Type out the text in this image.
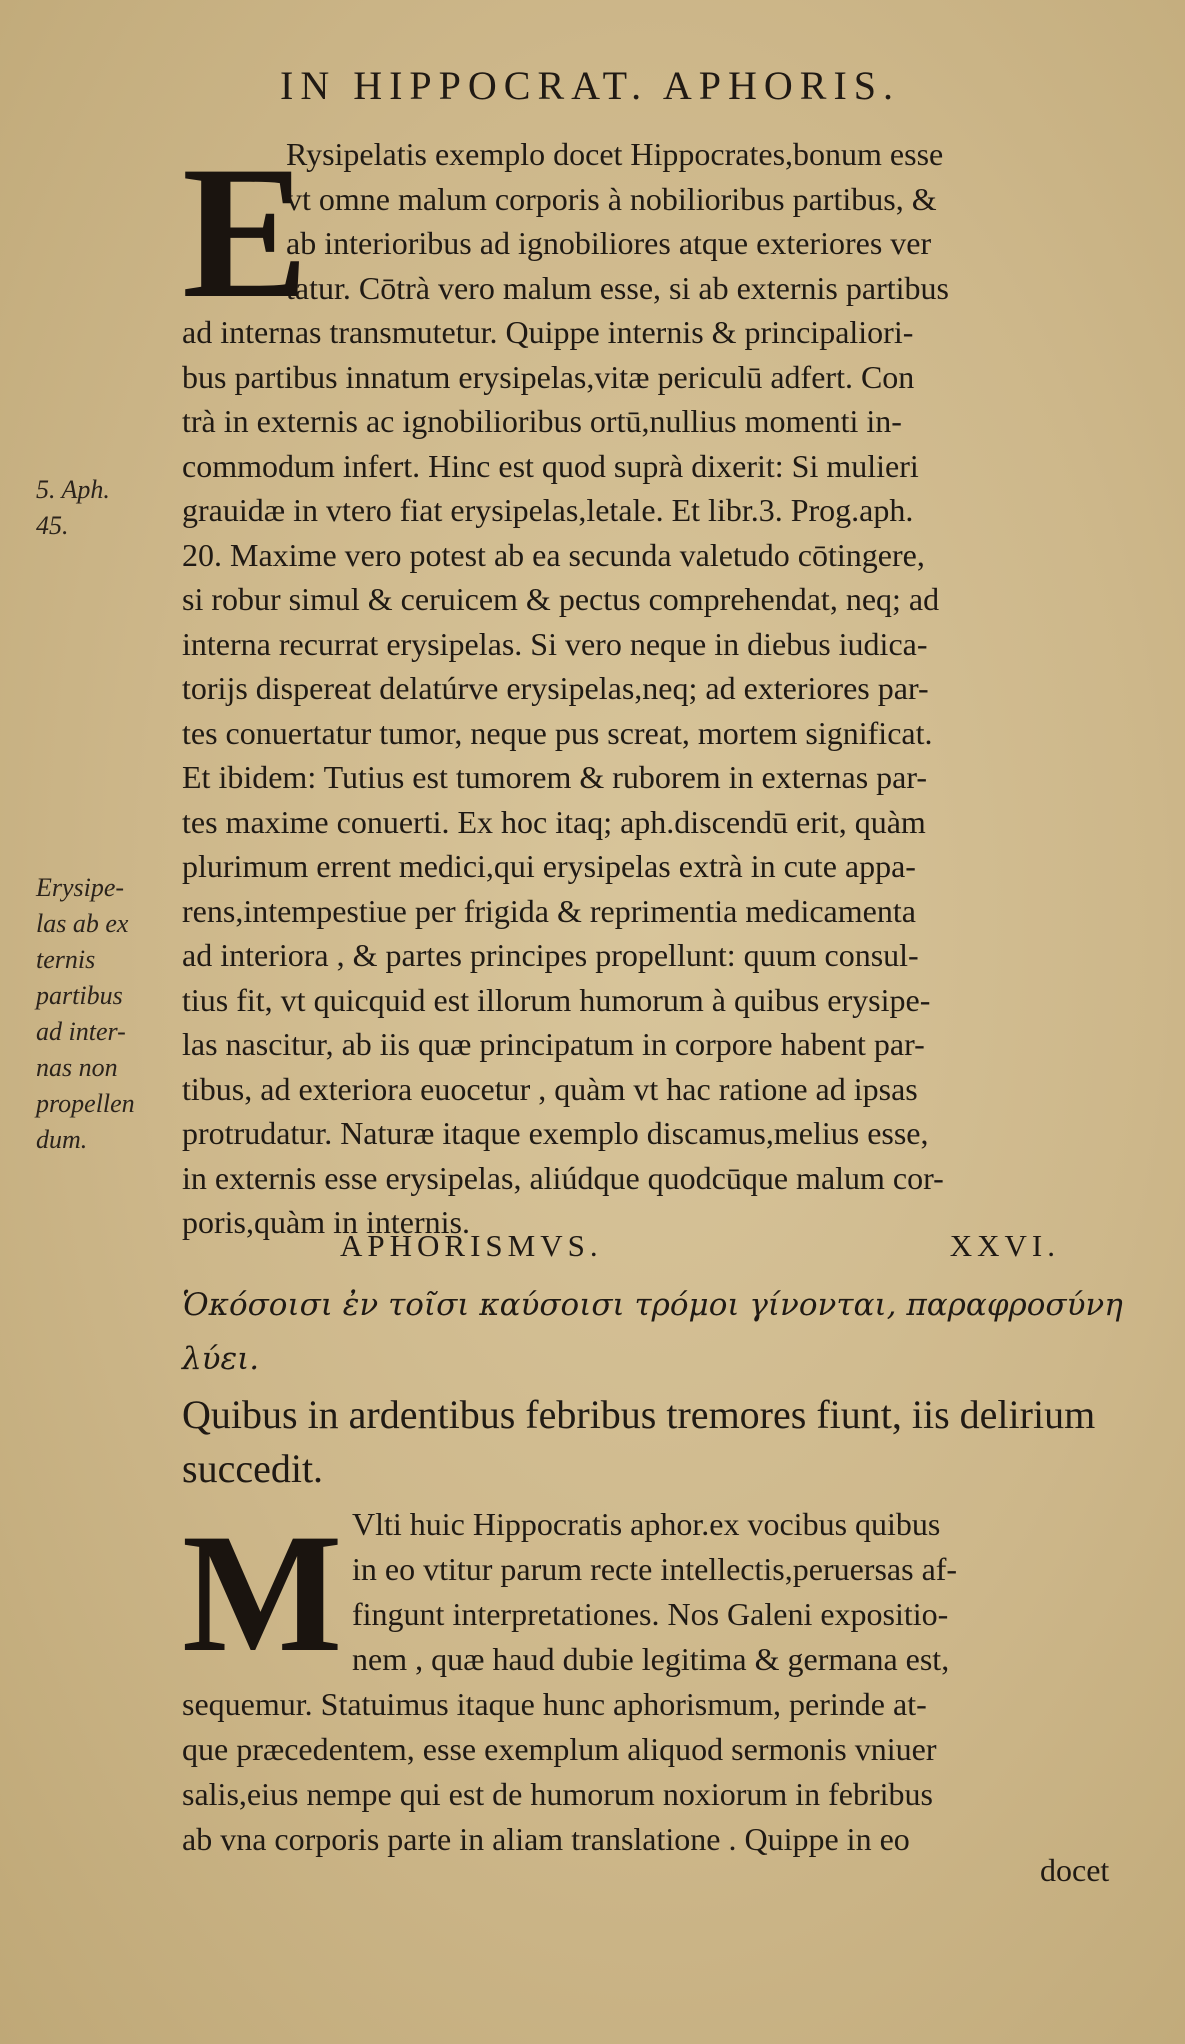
IN HIPPOCRAT. APHORIS.
E
Rysipelatis exemplo docet Hippocrates,bonum esse
vt omne malum corporis à nobilioribus partibus, &
ab interioribus ad ignobiliores atque exteriores ver
tatur. Cōtrà vero malum esse, si ab externis partibus
ad internas transmutetur. Quippe internis & principaliori-
bus partibus innatum erysipelas,vitæ periculū adfert. Con
trà in externis ac ignobilioribus ortū,nullius momenti in-
commodum infert. Hinc est quod suprà dixerit: Si mulieri
grauidæ in vtero fiat erysipelas,letale. Et libr.3. Prog.aph.
20. Maxime vero potest ab ea secunda valetudo cōtingere,
si robur simul & ceruicem & pectus comprehendat, neq; ad
interna recurrat erysipelas. Si vero neque in diebus iudica-
torijs dispereat delatúrve erysipelas,neq; ad exteriores par-
tes conuertatur tumor, neque pus screat, mortem significat.
Et ibidem: Tutius est tumorem & ruborem in externas par-
tes maxime conuerti. Ex hoc itaq; aph.discendū erit, quàm
plurimum errent medici,qui erysipelas extrà in cute appa-
rens,intempestiue per frigida & reprimentia medicamenta
ad interiora , & partes principes propellunt: quum consul-
tius fit, vt quicquid est illorum humorum à quibus erysipe-
las nascitur, ab iis quæ principatum in corpore habent par-
tibus, ad exteriora euocetur , quàm vt hac ratione ad ipsas
protrudatur. Naturæ itaque exemplo discamus,melius esse,
in externis esse erysipelas, aliúdque quodcūque malum cor-
poris,quàm in internis.
5. Aph.
45.
Erysipe-
las ab ex
ternis
partibus
ad inter-
nas non
propellen
dum.
APHORISMVS.	XXVI.
Ὁκόσοισι ἐν τοῖσι καύσοισι τρόμοι γίνονται, παραφροσύνη λύει.
Quibus in ardentibus febribus tremores fiunt, iis delirium succedit.
M Vlti huic Hippocratis aphor.ex vocibus quibus
in eo vtitur parum recte intellectis,peruersas af-
fingunt interpretationes. Nos Galeni expositio-
nem , quæ haud dubie legitima & germana est,
sequemur. Statuimus itaque hunc aphorismum, perinde at-
que præcedentem, esse exemplum aliquod sermonis vniuer
salis,eius nempe qui est de humorum noxiorum in febribus
ab vna corporis parte in aliam translatione . Quippe in eo
docet
